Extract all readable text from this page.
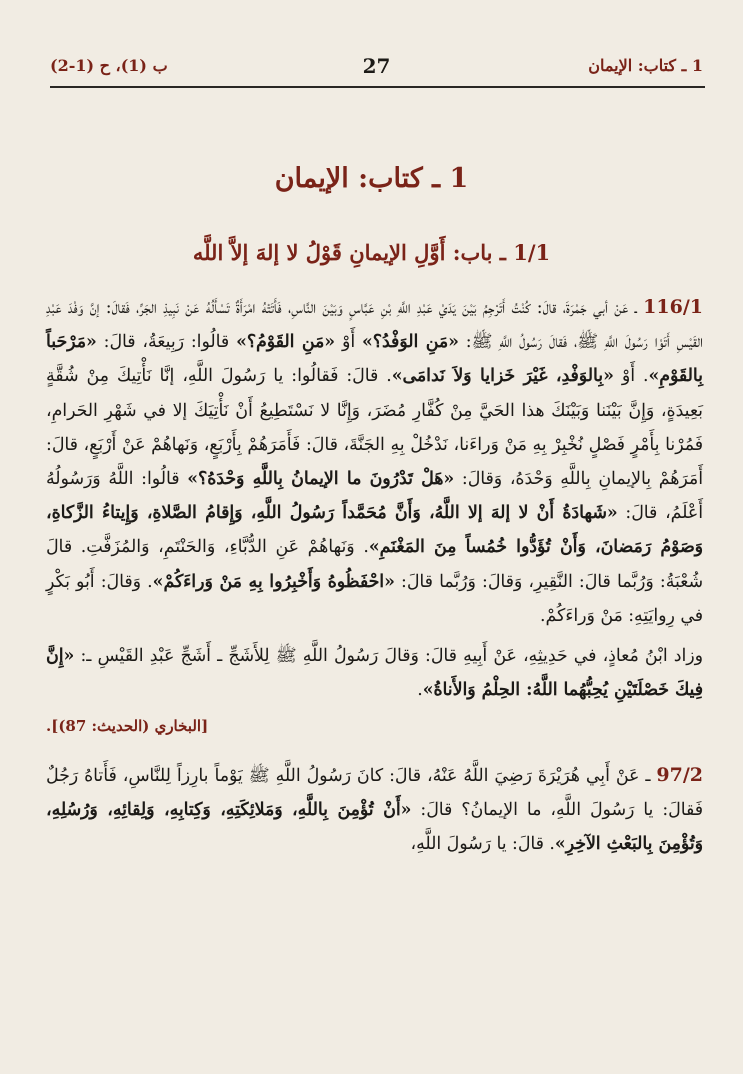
1 ـ كتاب: الإيمان
27
ب (1)، ح (1-2)
1 ـ كتاب: الإيمان
1/1 ـ باب: أَوَّلِ الإيمانِ قَوْلُ لا إلهَ إلاَّ اللَّه

116/1 ـ عَنْ أبي جَمْرَةَ، قالَ: كُنْتُ أَتَرْجِمُ بَيْنَ يَدَيْ عَبْدِ اللَّهِ بْنِ عَبَّاسٍ وَبَيْنَ النَّاسِ، فَأَتَتْهُ امْرَأَةٌ تَسْأَلُهُ عَنْ نَبِيذِ الجَرِّ، فَقالَ: إنَّ وَفْدَ عَبْدِ القَيْسِ أَتَوْا رَسُولَ اللَّهِ ﷺ، فَقالَ رَسُولُ اللَّهِ ﷺ: «مَنِ الوَفْدُ؟» أَوْ «مَنِ القَوْمُ؟» قالُوا: رَبِيعَةُ، قالَ: «مَرْحَباً بِالقَوْمِ». أَوْ «بِالوَفْدِ، غَيْرَ خَزايا وَلاَ نَدامَى». قالَ: فَقالُوا: يا رَسُولَ اللَّهِ، إنَّا نَأْتِيكَ مِنْ شُقَّةٍ بَعِيدَةٍ، وَإِنَّ بَيْنَنا وَبَيْنَكَ هذا الحَيَّ مِنْ كُفَّارِ مُضَرَ، وَإِنَّا لا نَسْتَطِيعُ أَنْ نَأْتِيَكَ إلا في شَهْرِ الحَرامِ، فَمُرْنا بِأَمْرٍ فَصْلٍ نُخْبِرْ بِهِ مَنْ وَراءَنا، نَدْخُلْ بِهِ الجَنَّةَ، قالَ: فَأَمَرَهُمْ بِأَرْبَعٍ، وَنَهاهُمْ عَنْ أَرْبَعٍ، قالَ: أَمَرَهُمْ بِالإيمانِ بِاللَّهِ وَحْدَهُ، وَقالَ: «هَلْ تَدْرُونَ ما الإيمانُ بِاللَّهِ وَحْدَهُ؟» قالُوا: اللَّهُ وَرَسُولُهُ أَعْلَمُ، قالَ: «شَهادَةُ أَنْ لا إلهَ إلا اللَّهُ، وَأَنَّ مُحَمَّداً رَسُولُ اللَّهِ، وَإِقامُ الصَّلاةِ، وَإِيتاءُ الزَّكاةِ، وَصَوْمُ رَمَضانَ، وَأَنْ تُؤَدُّوا خُمُساً مِنَ المَغْنَمِ». وَنَهاهُمْ عَنِ الدُّبَّاءِ، وَالحَنْتَمِ، وَالمُزَفَّتِ. قالَ شُعْبَةُ: وَرُبَّما قالَ: النَّقِيرِ، وَقالَ: وَرُبَّما قالَ: «احْفَظُوهُ وَأَخْبِرُوا بِهِ مَنْ وَراءَكُمْ». وَقالَ: أَبُو بَكْرٍ في رِوايَتِهِ: مَنْ وَراءَكُمْ.

وزاد ابْنُ مُعاذٍ، في حَدِيثِهِ، عَنْ أَبِيهِ قالَ: وَقالَ رَسُولُ اللَّهِ ﷺ لِلأَشَجِّ ـ أَشَجِّ عَبْدِ القَيْسِ ـ: «إِنَّ فِيكَ خَصْلَتَيْنِ يُحِبُّهُما اللَّهُ: الحِلْمُ وَالأَناةُ».

[البخاري (الحديث: 87)].

97/2 ـ عَنْ أَبِي هُرَيْرَةَ رَضِيَ اللَّهُ عَنْهُ، قالَ: كانَ رَسُولُ اللَّهِ ﷺ يَوْماً بارِزاً لِلنَّاسِ، فَأَتاهُ رَجُلٌ فَقالَ: يا رَسُولَ اللَّهِ، ما الإيمانُ؟ قالَ: «أَنْ تُؤْمِنَ بِاللَّهِ، وَمَلائِكَتِهِ، وَكِتابِهِ، وَلِقائِهِ، وَرُسُلِهِ، وَتُؤْمِنَ بِالبَعْثِ الآخِرِ». قالَ: يا رَسُولَ اللَّهِ،
